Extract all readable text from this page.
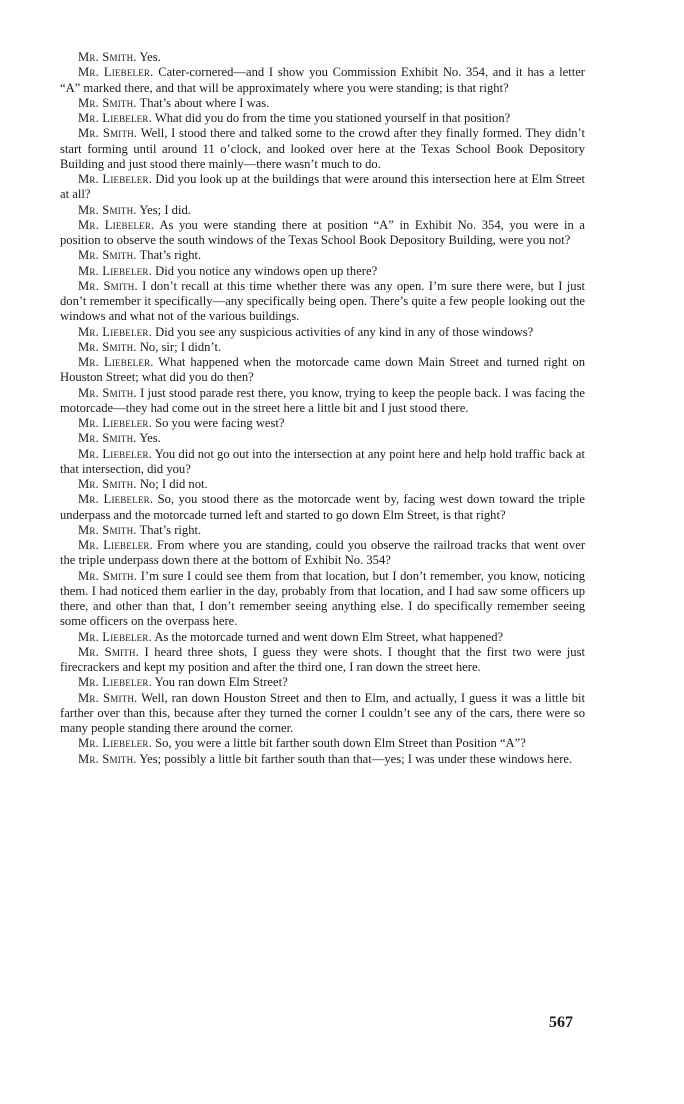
Mr. Smith. Yes.

Mr. Liebeler. Cater-cornered—and I show you Commission Exhibit No. 354, and it has a letter “A” marked there, and that will be approximately where you were standing; is that right?

Mr. Smith. That’s about where I was.

Mr. Liebeler. What did you do from the time you stationed yourself in that position?

Mr. Smith. Well, I stood there and talked some to the crowd after they finally formed. They didn’t start forming until around 11 o’clock, and looked over here at the Texas School Book Depository Building and just stood there mainly—there wasn’t much to do.

Mr. Liebeler. Did you look up at the buildings that were around this intersection here at Elm Street at all?

Mr. Smith. Yes; I did.

Mr. Liebeler. As you were standing there at position “A” in Exhibit No. 354, you were in a position to observe the south windows of the Texas School Book Depository Building, were you not?

Mr. Smith. That’s right.

Mr. Liebeler. Did you notice any windows open up there?

Mr. Smith. I don’t recall at this time whether there was any open. I’m sure there were, but I just don’t remember it specifically—any specifically being open. There’s quite a few people looking out the windows and what not of the various buildings.

Mr. Liebeler. Did you see any suspicious activities of any kind in any of those windows?

Mr. Smith. No, sir; I didn’t.

Mr. Liebeler. What happened when the motorcade came down Main Street and turned right on Houston Street; what did you do then?

Mr. Smith. I just stood parade rest there, you know, trying to keep the people back. I was facing the motorcade—they had come out in the street here a little bit and I just stood there.

Mr. Liebeler. So you were facing west?

Mr. Smith. Yes.

Mr. Liebeler. You did not go out into the intersection at any point here and help hold traffic back at that intersection, did you?

Mr. Smith. No; I did not.

Mr. Liebeler. So, you stood there as the motorcade went by, facing west down toward the triple underpass and the motorcade turned left and started to go down Elm Street, is that right?

Mr. Smith. That’s right.

Mr. Liebeler. From where you are standing, could you observe the railroad tracks that went over the triple underpass down there at the bottom of Exhibit No. 354?

Mr. Smith. I’m sure I could see them from that location, but I don’t remember, you know, noticing them. I had noticed them earlier in the day, probably from that location, and I had saw some officers up there, and other than that, I don’t remember seeing anything else. I do specifically remember seeing some officers on the overpass here.

Mr. Liebeler. As the motorcade turned and went down Elm Street, what happened?

Mr. Smith. I heard three shots, I guess they were shots. I thought that the first two were just firecrackers and kept my position and after the third one, I ran down the street here.

Mr. Liebeler. You ran down Elm Street?

Mr. Smith. Well, ran down Houston Street and then to Elm, and actually, I guess it was a little bit farther over than this, because after they turned the corner I couldn’t see any of the cars, there were so many people standing there around the corner.

Mr. Liebeler. So, you were a little bit farther south down Elm Street than Position “A”?

Mr. Smith. Yes; possibly a little bit farther south than that—yes; I was under these windows here.

567
